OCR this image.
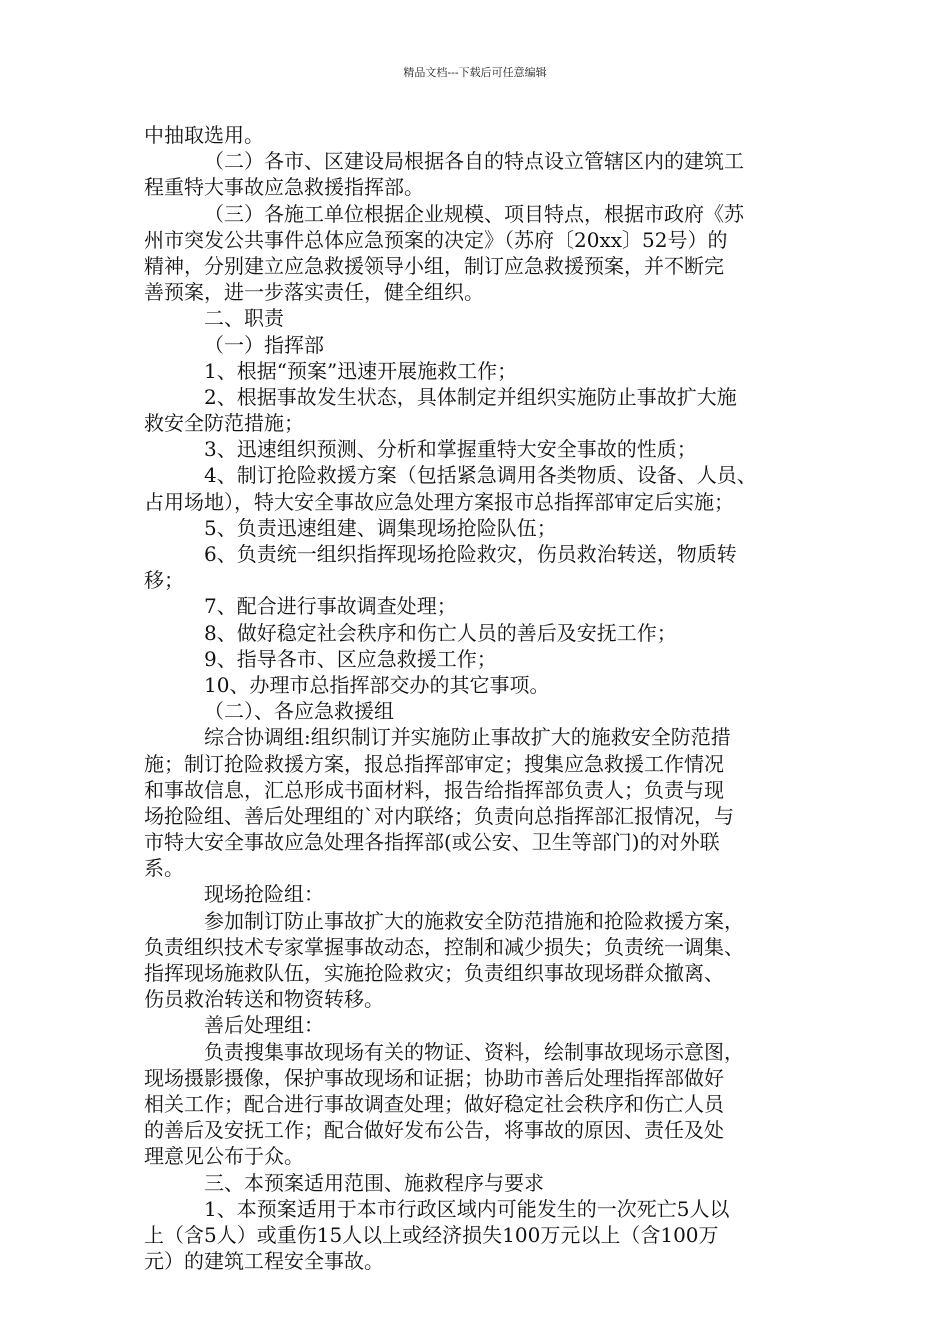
精品文档---下载后可任意编辑
中抽取选用。
（二）各市、区建设局根据各自的特点设立管辖区内的建筑工
程重特大事故应急救援指挥部。
（三）各施工单位根据企业规模、项目特点，根据市政府《苏
州市突发公共事件总体应急预案的决定》（苏府〔20xx〕52号）的
精神，分别建立应急救援领导小组，制订应急救援预案，并不断完
善预案，进一步落实责任，健全组织。
二、职责
（一）指挥部
1、根据“预案”迅速开展施救工作；
2、根据事故发生状态，具体制定并组织实施防止事故扩大施
救安全防范措施；
3、迅速组织预测、分析和掌握重特大安全事故的性质；
4、制订抢险救援方案（包括紧急调用各类物质、设备、人员、
占用场地），特大安全事故应急处理方案报市总指挥部审定后实施；
5、负责迅速组建、调集现场抢险队伍；
6、负责统一组织指挥现场抢险救灾，伤员救治转送，物质转
移；
7、配合进行事故调查处理；
8、做好稳定社会秩序和伤亡人员的善后及安抚工作；
9、指导各市、区应急救援工作；
10、办理市总指挥部交办的其它事项。
（二）、各应急救援组
综合协调组:组织制订并实施防止事故扩大的施救安全防范措
施；制订抢险救援方案，报总指挥部审定；搜集应急救援工作情况
和事故信息，汇总形成书面材料，报告给指挥部负责人；负责与现
场抢险组、善后处理组的`对内联络；负责向总指挥部汇报情况，与
市特大安全事故应急处理各指挥部(或公安、卫生等部门)的对外联
系。
现场抢险组：
参加制订防止事故扩大的施救安全防范措施和抢险救援方案，
负责组织技术专家掌握事故动态，控制和减少损失；负责统一调集、
指挥现场施救队伍，实施抢险救灾；负责组织事故现场群众撤离、
伤员救治转送和物资转移。
善后处理组：
负责搜集事故现场有关的物证、资料，绘制事故现场示意图，
现场摄影摄像，保护事故现场和证据；协助市善后处理指挥部做好
相关工作；配合进行事故调查处理；做好稳定社会秩序和伤亡人员
的善后及安抚工作；配合做好发布公告，将事故的原因、责任及处
理意见公布于众。
三、本预案适用范围、施救程序与要求
1、本预案适用于本市行政区域内可能发生的一次死亡5人以
上（含5人）或重伤15人以上或经济损失100万元以上（含100万
元）的建筑工程安全事故。
